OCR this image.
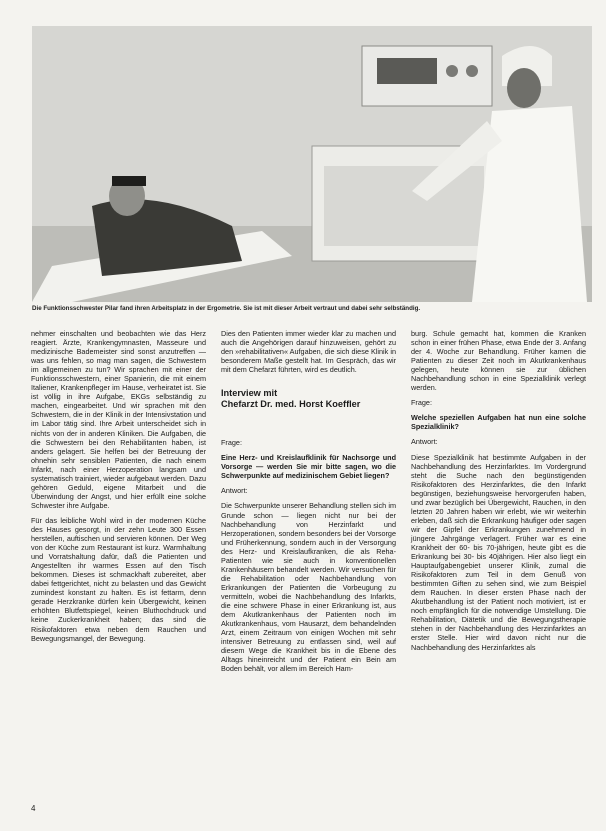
Die Funktionsschwester Pilar fand ihren Arbeitsplatz in der Ergometrie. Sie ist mit dieser Arbeit vertraut und dabei sehr selbständig.

nehmer einschalten und beobachten wie das Herz reagiert. Ärzte, Krankengymnasten, Masseure und medizinische Bademeister sind sonst anzutreffen — was uns fehlen, so mag man sagen, die Schwestern im allgemeinen zu tun? Wir sprachen mit einer der Funktionsschwestern, einer Spanierin, die mit einem Italiener, Krankenpfleger im Hause, verheiratet ist. Sie ist völlig in ihre Aufgabe, EKGs selbständig zu machen, eingearbeitet. Und wir sprachen mit den Schwestern, die in der Klinik in der Intensivstation und im Labor tätig sind. Ihre Arbeit unterscheidet sich in nichts von der in anderen Kliniken. Die Aufgaben, die die Schwestern bei den Rehabilitanten haben, ist anders gelagert. Sie helfen bei der Betreuung der ohnehin sehr sensiblen Patienten, die nach einem Infarkt, nach einer Herzoperation langsam und systematisch trainiert, wieder aufgebaut werden. Dazu gehören Geduld, eigene Mitarbeit und die Überwindung der Angst, und hier erfüllt eine solche Schwester ihre Aufgabe.

Für das leibliche Wohl wird in der modernen Küche des Hauses gesorgt, in der zehn Leute 300 Essen herstellen, auftischen und servieren können. Der Weg von der Küche zum Restaurant ist kurz. Warmhaltung und Vorratshaltung dafür, daß die Patienten und Angestellten ihr warmes Essen auf den Tisch bekommen. Dieses ist schmackhaft zubereitet, aber dabei fettgerichtet, nicht zu belasten und das Gewicht zumindest konstant zu halten. Es ist fettarm, denn gerade Herzkranke dürfen kein Übergewicht, keinen erhöhten Blutfettspiegel, keinen Bluthochdruck und keine Zuckerkrankheit haben; das sind die Risikofaktoren etwa neben dem Rauchen und Bewegungsmangel, der Bewegung.

Dies den Patienten immer wieder klar zu machen und auch die Angehörigen darauf hinzuweisen, gehört zu den »rehabilitativen« Aufgaben, die sich diese Klinik in besonderem Maße gestellt hat. Im Gespräch, das wir mit dem Chefarzt führten, wird es deutlich.

Interview mit
Chefarzt Dr. med. Horst Koeffler

Frage:

Eine Herz- und Kreislaufklinik für Nachsorge und Vorsorge — werden Sie mir bitte sagen, wo die Schwerpunkte auf medizinischem Gebiet liegen?

Antwort:

Die Schwerpunkte unserer Behandlung stellen sich im Grunde schon — liegen nicht nur bei der Nachbehandlung von Herzinfarkt und Herzoperationen, sondern besonders bei der Vorsorge und Früherkennung, sondern auch in der Versorgung des Herz- und Kreislaufkranken, die als Reha-Patienten wie sie auch in konventionellen Krankenhäusern behandelt werden. Wir versuchen für die Rehabilitation oder Nachbehandlung von Erkrankungen der Patienten die Vorbeugung zu vermitteln, wobei die Nachbehandlung des Infarkts, die eine schwere Phase in einer Erkrankung ist, aus dem Akutkrankenhaus der Patienten noch im Akutkrankenhaus, vom Hausarzt, dem behandelnden Arzt, einem Zeitraum von einigen Wochen mit sehr intensiver Betreuung zu entlassen sind, weil auf diesem Wege die Krankheit bis in die Ebene des Alltags hineinreicht und der Patient ein Bein am Boden behält, vor allem im Bereich Ham-

burg. Schule gemacht hat, kommen die Kranken schon in einer frühen Phase, etwa Ende der 3. Anfang der 4. Woche zur Behandlung. Früher kamen die Patienten zu dieser Zeit noch im Akutkrankenhaus gelegen, heute können sie zur üblichen Nachbehandlung schon in eine Spezialklinik verlegt werden.

Frage:

Welche speziellen Aufgaben hat nun eine solche Spezialklinik?

Antwort:

Diese Spezialklinik hat bestimmte Aufgaben in der Nachbehandlung des Herzinfarktes. Im Vordergrund steht die Suche nach den begünstigenden Risikofaktoren des Herzinfarktes, die den Infarkt begünstigen, beziehungsweise hervorgerufen haben, und zwar bezüglich bei Übergewicht, Rauchen, in den letzten 20 Jahren haben wir erlebt, wie wir weiterhin erleben, daß sich die Erkrankung häufiger oder sagen wir der Gipfel der Erkrankungen zunehmend in jüngere Jahrgänge verlagert. Früher war es eine Krankheit der 60- bis 70-jährigen, heute gibt es die Erkrankung bei 30- bis 40jährigen. Hier also liegt ein Hauptaufgabengebiet unserer Klinik, zumal die Risikofaktoren zum Teil in dem Genuß von bestimmten Giften zu sehen sind, wie zum Beispiel dem Rauchen. In dieser ersten Phase nach der Akutbehandlung ist der Patient noch motiviert, ist er noch empfänglich für die notwendige Umstellung. Die Rehabilitation, Diätetik und die Bewegungstherapie stehen in der Nachbehandlung des Herzinfarktes an erster Stelle. Hier wird davon nicht nur die Nachbehandlung des Herzinfarktes als

4
